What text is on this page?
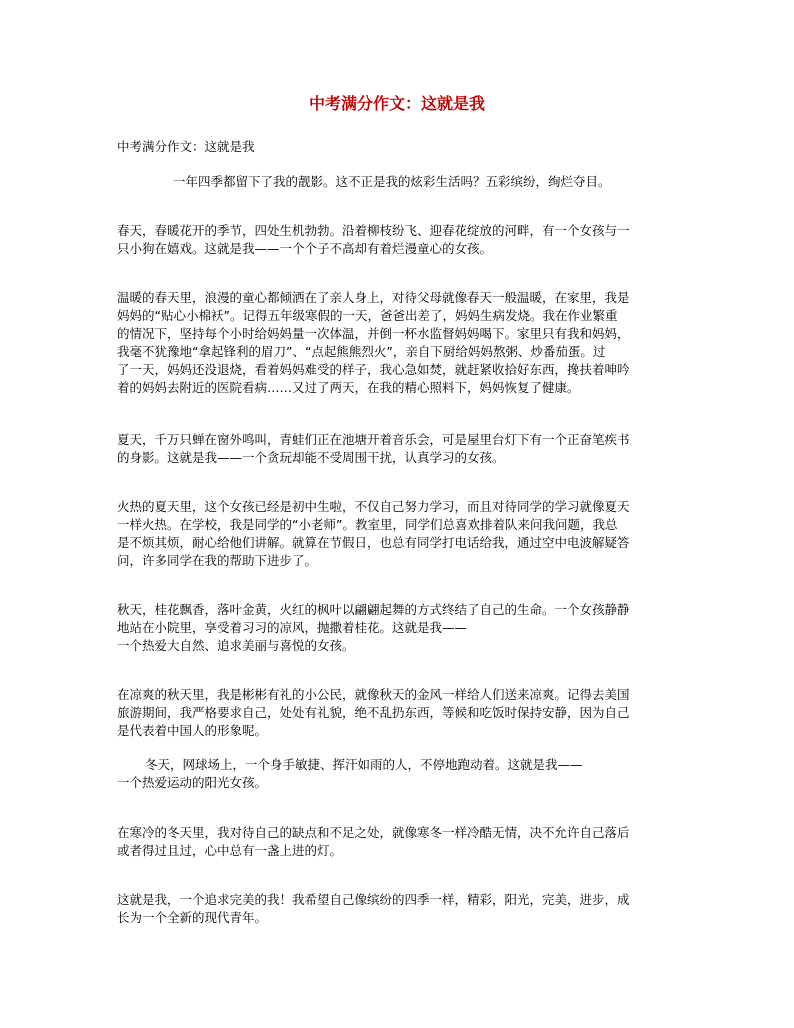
中考满分作文：这就是我
中考满分作文：这就是我
一年四季都留下了我的靓影。这不正是我的炫彩生活吗？五彩缤纷，绚烂夺目。
春天，春暖花开的季节，四处生机勃勃。沿着柳枝纷飞、迎春花绽放的河畔，有一个女孩与一
只小狗在嬉戏。这就是我——一个个子不高却有着烂漫童心的女孩。
温暖的春天里，浪漫的童心都倾洒在了亲人身上，对待父母就像春天一般温暖，在家里，我是
妈妈的“贴心小棉袄”。记得五年级寒假的一天，爸爸出差了，妈妈生病发烧。我在作业繁重
的情况下，坚持每个小时给妈妈量一次体温，并倒一杯水监督妈妈喝下。家里只有我和妈妈，
我毫不犹豫地“拿起锋利的眉刀”、“点起熊熊烈火”，亲自下厨给妈妈熬粥、炒番茄蛋。过
了一天，妈妈还没退烧，看着妈妈难受的样子，我心急如焚，就赶紧收拾好东西，搀扶着呻吟
着的妈妈去附近的医院看病……又过了两天，在我的精心照料下，妈妈恢复了健康。
夏天，千万只蝉在窗外鸣叫，青蛙们正在池塘开着音乐会，可是屋里台灯下有一个正奋笔疾书
的身影。这就是我——一个贪玩却能不受周围干扰，认真学习的女孩。
火热的夏天里，这个女孩已经是初中生啦，不仅自己努力学习，而且对待同学的学习就像夏天
一样火热。在学校，我是同学的“小老师”。教室里，同学们总喜欢排着队来问我问题，我总
是不烦其烦，耐心给他们讲解。就算在节假日，也总有同学打电话给我，通过空中电波解疑答
问，许多同学在我的帮助下进步了。
秋天，桂花飘香，落叶金黄，火红的枫叶以翩翩起舞的方式终结了自己的生命。一个女孩静静
地站在小院里，享受着习习的凉风，抛撒着桂花。这就是我——
一个热爱大自然、追求美丽与喜悦的女孩。
在凉爽的秋天里，我是彬彬有礼的小公民，就像秋天的金风一样给人们送来凉爽。记得去美国
旅游期间，我严格要求自己，处处有礼貌，绝不乱扔东西，等候和吃饭时保持安静，因为自己
是代表着中国人的形象呢。
冬天，网球场上，一个身手敏捷、挥汗如雨的人，不停地跑动着。这就是我——
一个热爱运动的阳光女孩。
在寒冷的冬天里，我对待自己的缺点和不足之处，就像寒冬一样冷酷无情，决不允许自己落后
或者得过且过，心中总有一盏上进的灯。
这就是我，一个追求完美的我！我希望自己像缤纷的四季一样，精彩，阳光，完美，进步，成
长为一个全新的现代青年。
